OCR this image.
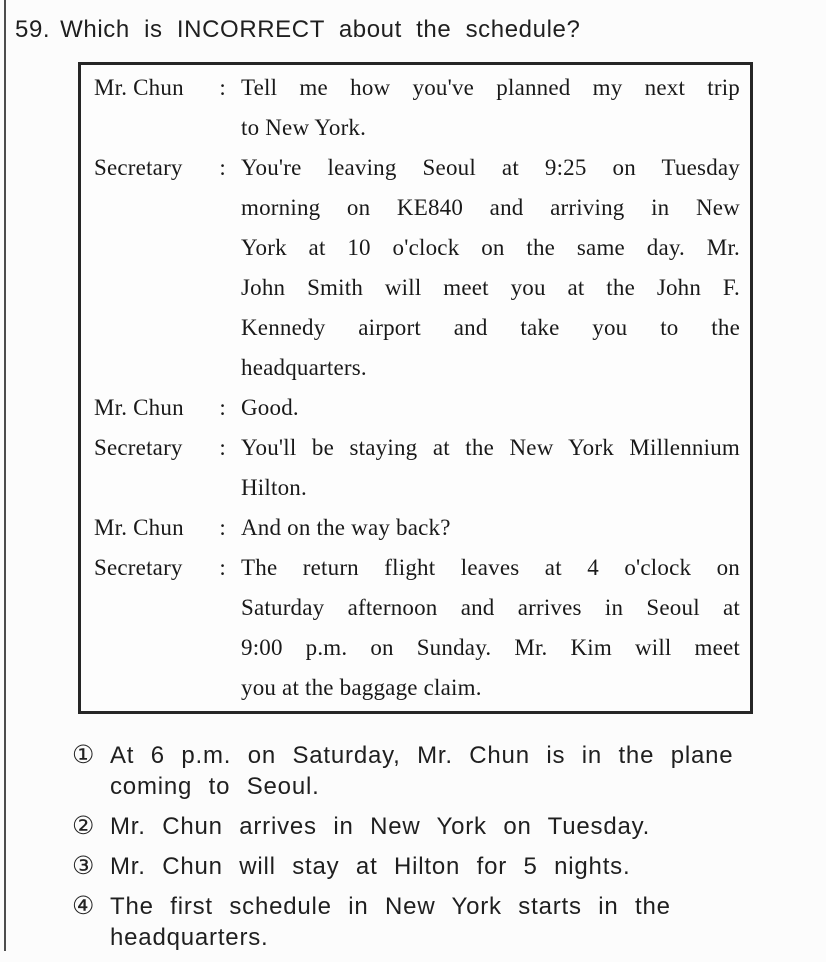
59. Which is INCORRECT about the schedule?
Mr. Chun : Tell me how you've planned my next trip
to New York.
Secretary : You're leaving Seoul at 9:25 on Tuesday
morning on KE840 and arriving in New
York at 10 o'clock on the same day. Mr.
John Smith will meet you at the John F.
Kennedy airport and take you to the
headquarters.
Mr. Chun : Good.
Secretary : You'll be staying at the New York Millennium
Hilton.
Mr. Chun : And on the way back?
Secretary : The return flight leaves at 4 o'clock on
Saturday afternoon and arrives in Seoul at
9:00 p.m. on Sunday. Mr. Kim will meet
you at the baggage claim.
① At 6 p.m. on Saturday, Mr. Chun is in the plane
coming to Seoul.
② Mr. Chun arrives in New York on Tuesday.
③ Mr. Chun will stay at Hilton for 5 nights.
④ The first schedule in New York starts in the
headquarters.
